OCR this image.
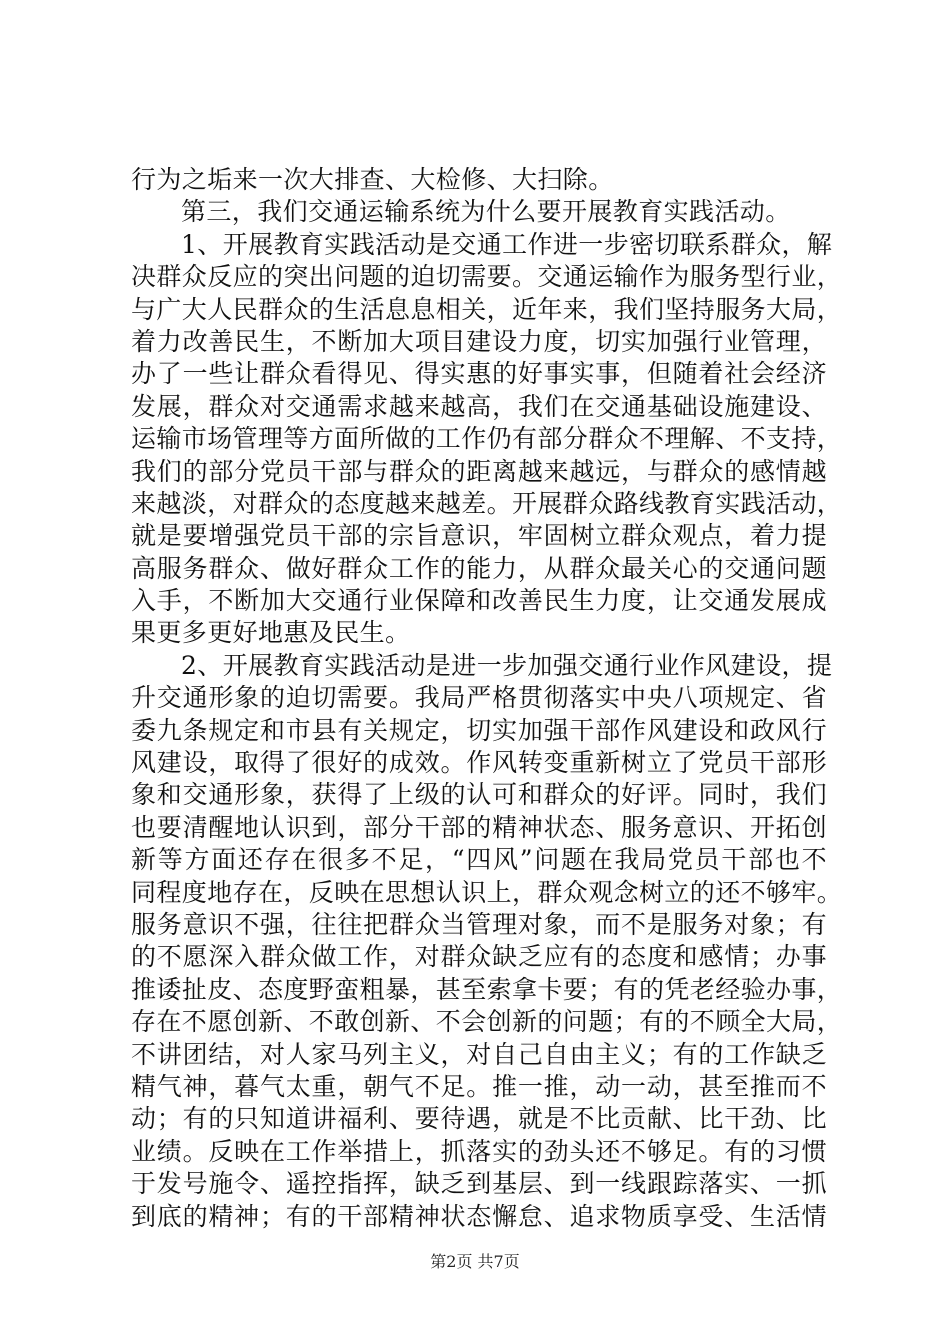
行为之垢来一次大排查、大检修、大扫除。
第三，我们交通运输系统为什么要开展教育实践活动。
1、开展教育实践活动是交通工作进一步密切联系群众，解
决群众反应的突出问题的迫切需要。交通运输作为服务型行业，
与广大人民群众的生活息息相关，近年来，我们坚持服务大局，
着力改善民生，不断加大项目建设力度，切实加强行业管理，
办了一些让群众看得见、得实惠的好事实事，但随着社会经济
发展，群众对交通需求越来越高，我们在交通基础设施建设、
运输市场管理等方面所做的工作仍有部分群众不理解、不支持，
我们的部分党员干部与群众的距离越来越远，与群众的感情越
来越淡，对群众的态度越来越差。开展群众路线教育实践活动，
就是要增强党员干部的宗旨意识，牢固树立群众观点，着力提
高服务群众、做好群众工作的能力，从群众最关心的交通问题
入手，不断加大交通行业保障和改善民生力度，让交通发展成
果更多更好地惠及民生。
2、开展教育实践活动是进一步加强交通行业作风建设，提
升交通形象的迫切需要。我局严格贯彻落实中央八项规定、省
委九条规定和市县有关规定，切实加强干部作风建设和政风行
风建设，取得了很好的成效。作风转变重新树立了党员干部形
象和交通形象，获得了上级的认可和群众的好评。同时，我们
也要清醒地认识到，部分干部的精神状态、服务意识、开拓创
新等方面还存在很多不足，“四风”问题在我局党员干部也不
同程度地存在，反映在思想认识上，群众观念树立的还不够牢。
服务意识不强，往往把群众当管理对象，而不是服务对象；有
的不愿深入群众做工作，对群众缺乏应有的态度和感情；办事
推诿扯皮、态度野蛮粗暴，甚至索拿卡要；有的凭老经验办事，
存在不愿创新、不敢创新、不会创新的问题；有的不顾全大局，
不讲团结，对人家马列主义，对自己自由主义；有的工作缺乏
精气神，暮气太重，朝气不足。推一推，动一动，甚至推而不
动；有的只知道讲福利、要待遇，就是不比贡献、比干劲、比
业绩。反映在工作举措上，抓落实的劲头还不够足。有的习惯
于发号施令、遥控指挥，缺乏到基层、到一线跟踪落实、一抓
到底的精神；有的干部精神状态懈怠、追求物质享受、生活情
第2页 共7页
